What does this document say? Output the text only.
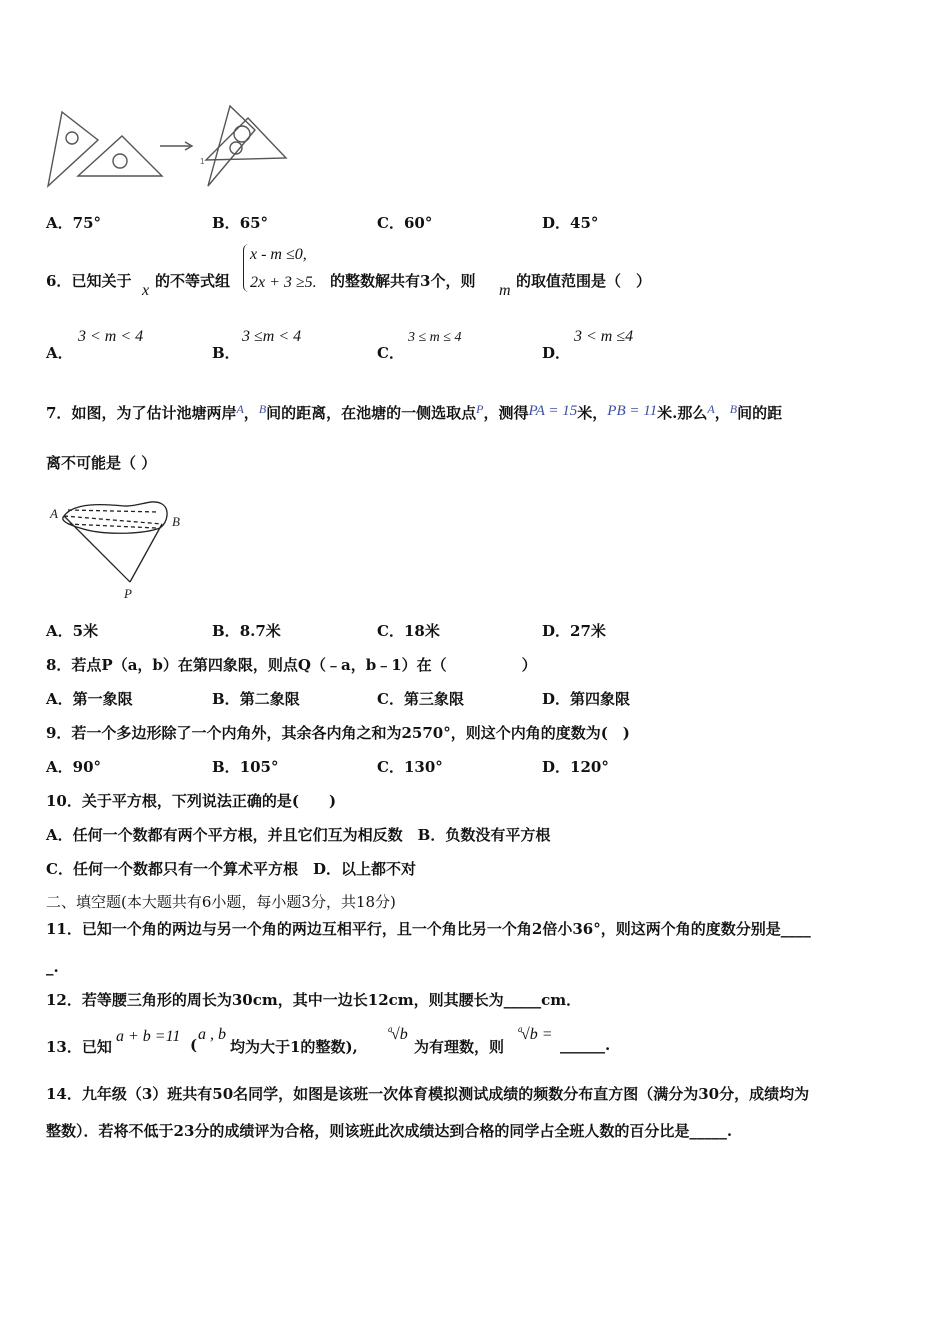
1
A．75°	B．65°	C．60°	D．45°
6．已知关于
x
的不等式组
x - m ≤0,
2x + 3 ≥5. 的整数解共有3个，则
m
的取值范围是（　）
A．
3 < m < 4
B．
3 ≤m < 4
C．
3 ≤ m ≤ 4
D．
3 < m ≤4
7．如图，为了估计池塘两岸$^A$，$^B$间的距离，在池塘的一侧选取点$^P$，测得PA = 15米，PB = 11米.那么$^A$，$^B$间的距
离不可能是（ ）
A
B
P
A．5米	B．8.7米	C．18米	D．27米
8．若点P（a，b）在第四象限，则点Q（﹣a，b﹣1）在（　　　　　）
A．第一象限	B．第二象限	C．第三象限	D．第四象限
9．若一个多边形除了一个内角外，其余各内角之和为2570°，则这个内角的度数为(　)
A．90°	B．105°	C．130°	D．120°
10．关于平方根，下列说法正确的是(　　)
A．任何一个数都有两个平方根，并且它们互为相反数　B．负数没有平方根
C．任何一个数都只有一个算术平方根　D．以上都不对
二、填空题(本大题共有6小题，每小题3分，共18分)
11．已知一个角的两边与另一个角的两边互相平行，且一个角比另一个角2倍小36°，则这两个角的度数分别是____
_.
12．若等腰三角形的周长为30cm，其中一边长12cm，则其腰长为_____cm．
13．已知
a + b =11 (
a , b
均为大于1的整数),
a
√b
为有理数，则
a
√b =
______.
14．九年级（3）班共有50名同学，如图是该班一次体育模拟测试成绩的频数分布直方图（满分为30分，成绩均为
整数）．若将不低于23分的成绩评为合格，则该班此次成绩达到合格的同学占全班人数的百分比是_____.
